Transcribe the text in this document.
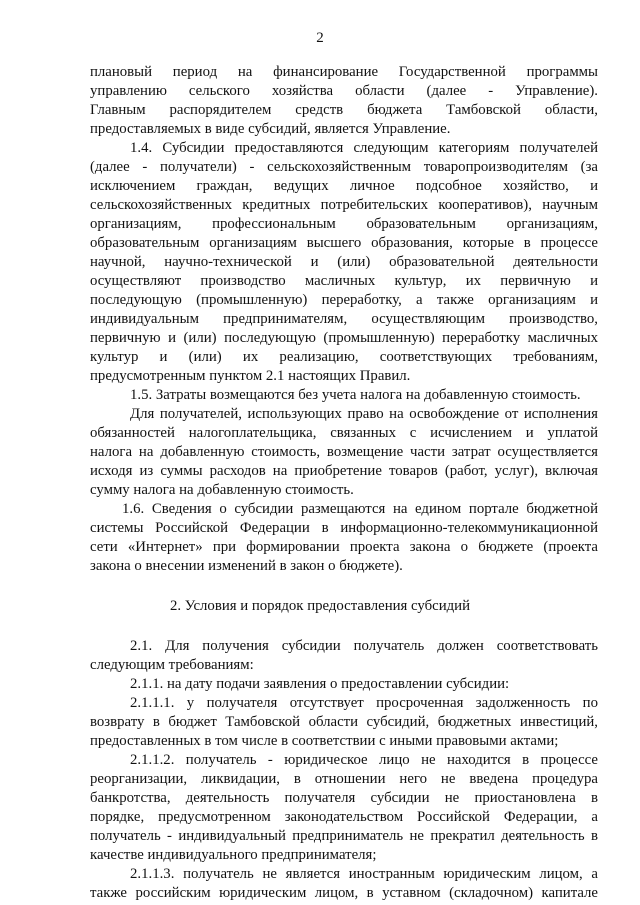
2
плановый период на финансирование Государственной программы
управлению сельского хозяйства области (далее - Управление).
Главным распорядителем средств бюджета Тамбовской области,
предоставляемых в виде субсидий, является Управление.
1.4. Субсидии предоставляются следующим категориям получателей
(далее - получатели) - сельскохозяйственным товаропроизводителям (за
исключением граждан, ведущих личное подсобное хозяйство, и
сельскохозяйственных кредитных потребительских кооперативов), научным
организациям, профессиональным образовательным организациям,
образовательным организациям высшего образования, которые в процессе
научной, научно-технической и (или) образовательной деятельности
осуществляют производство масличных культур, их первичную и
последующую (промышленную) переработку, а также организациям и
индивидуальным предпринимателям, осуществляющим производство,
первичную и (или) последующую (промышленную) переработку масличных
культур и (или) их реализацию, соответствующих требованиям,
предусмотренным пунктом 2.1 настоящих Правил.
1.5. Затраты возмещаются без учета налога на добавленную стоимость.
Для получателей, использующих право на освобождение от исполнения
обязанностей налогоплательщика, связанных с исчислением и уплатой
налога на добавленную стоимость, возмещение части затрат осуществляется
исходя из суммы расходов на приобретение товаров (работ, услуг), включая
сумму налога на добавленную стоимость.
1.6. Сведения о субсидии размещаются на едином портале бюджетной
системы Российской Федерации в информационно-телекоммуникационной
сети «Интернет» при формировании проекта закона о бюджете (проекта
закона о внесении изменений в закон о бюджете).
2. Условия и порядок предоставления субсидий
2.1. Для получения субсидии получатель должен соответствовать
следующим требованиям:
2.1.1. на дату подачи заявления о предоставлении субсидии:
2.1.1.1. у получателя отсутствует просроченная задолженность по
возврату в бюджет Тамбовской области субсидий, бюджетных инвестиций,
предоставленных в том числе в соответствии с иными правовыми актами;
2.1.1.2. получатель - юридическое лицо не находится в процессе
реорганизации, ликвидации, в отношении него не введена процедура
банкротства, деятельность получателя субсидии не приостановлена в
порядке, предусмотренном законодательством Российской Федерации, а
получатель - индивидуальный предприниматель не прекратил деятельность в
качестве индивидуального предпринимателя;
2.1.1.3. получатель не является иностранным юридическим лицом, а
также российским юридическим лицом, в уставном (складочном) капитале
